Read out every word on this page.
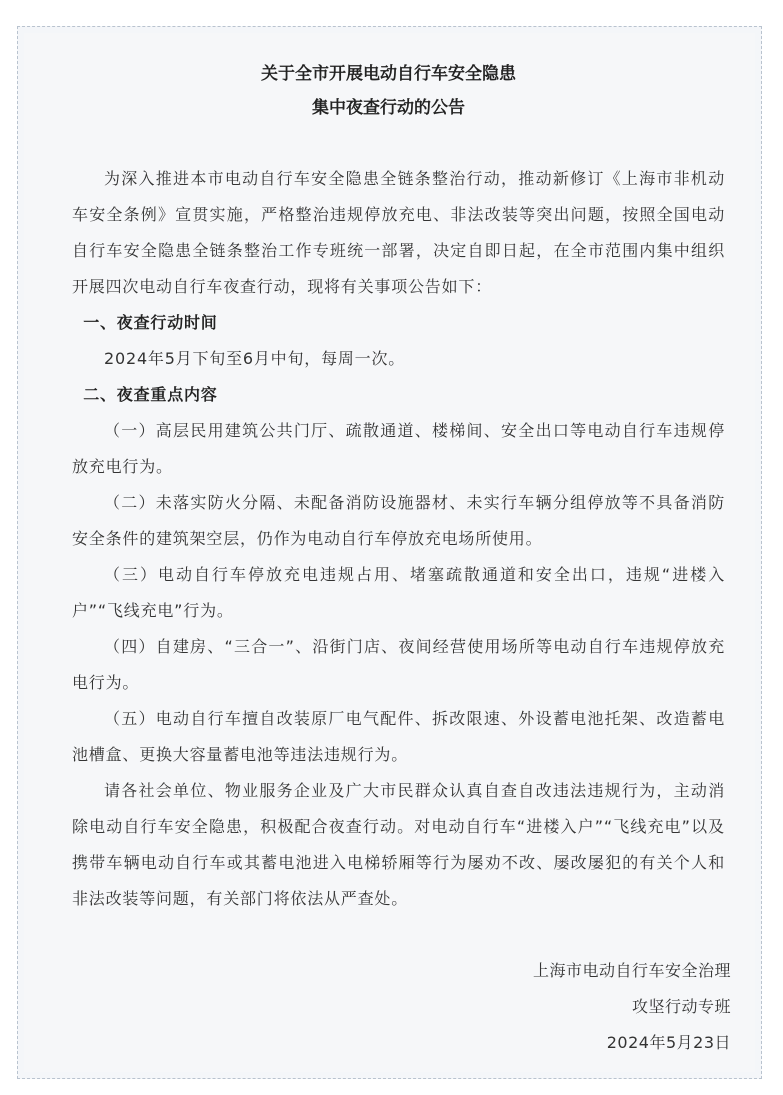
关于全市开展电动自行车安全隐患
集中夜查行动的公告

为深入推进本市电动自行车安全隐患全链条整治行动，推动新修订《上海市非机动车安全条例》宣贯实施，严格整治违规停放充电、非法改装等突出问题，按照全国电动自行车安全隐患全链条整治工作专班统一部署，决定自即日起，在全市范围内集中组织开展四次电动自行车夜查行动，现将有关事项公告如下：

一、夜查行动时间

2024年5月下旬至6月中旬，每周一次。

二、夜查重点内容

（一）高层民用建筑公共门厅、疏散通道、楼梯间、安全出口等电动自行车违规停放充电行为。

（二）未落实防火分隔、未配备消防设施器材、未实行车辆分组停放等不具备消防安全条件的建筑架空层，仍作为电动自行车停放充电场所使用。

（三）电动自行车停放充电违规占用、堵塞疏散通道和安全出口，违规“进楼入户”“飞线充电”行为。

（四）自建房、“三合一”、沿街门店、夜间经营使用场所等电动自行车违规停放充电行为。

（五）电动自行车擅自改装原厂电气配件、拆改限速、外设蓄电池托架、改造蓄电池槽盒、更换大容量蓄电池等违法违规行为。

请各社会单位、物业服务企业及广大市民群众认真自查自改违法违规行为，主动消除电动自行车安全隐患，积极配合夜查行动。对电动自行车“进楼入户”“飞线充电”以及携带车辆电动自行车或其蓄电池进入电梯轿厢等行为屡劝不改、屡改屡犯的有关个人和非法改装等问题，有关部门将依法从严查处。

上海市电动自行车安全治理
攻坚行动专班
2024年5月23日
